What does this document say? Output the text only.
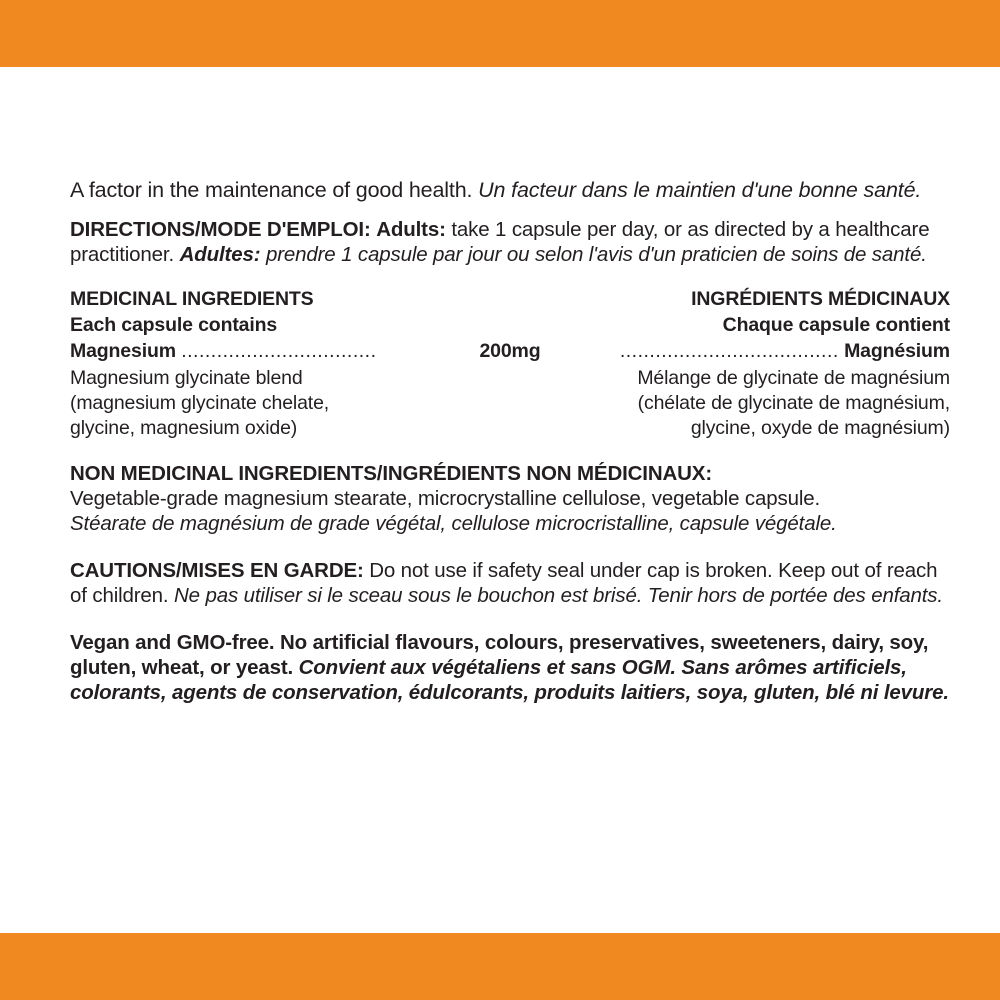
A factor in the maintenance of good health. Un facteur dans le maintien d'une bonne santé.

DIRECTIONS/MODE D'EMPLOI: Adults: take 1 capsule per day, or as directed by a healthcare practitioner. Adultes: prendre 1 capsule par jour ou selon l'avis d'un praticien de soins de santé.

MEDICINAL INGREDIENTS	INGRÉDIENTS MÉDICINAUX
Each capsule contains	Chaque capsule contient
Magnesium .................................	200mg	..................................... Magnésium
Magnesium glycinate blend	Mélange de glycinate de magnésium
(magnesium glycinate chelate,	(chélate de glycinate de magnésium,
glycine, magnesium oxide)	glycine, oxyde de magnésium)

NON MEDICINAL INGREDIENTS/INGRÉDIENTS NON MÉDICINAUX:

Vegetable-grade magnesium stearate, microcrystalline cellulose, vegetable capsule.

Stéarate de magnésium de grade végétal, cellulose microcristalline, capsule végétale.

CAUTIONS/MISES EN GARDE: Do not use if safety seal under cap is broken. Keep out of reach of children. Ne pas utiliser si le sceau sous le bouchon est brisé. Tenir hors de portée des enfants.

Vegan and GMO-free. No artificial flavours, colours, preservatives, sweeteners, dairy, soy, gluten, wheat, or yeast. Convient aux végétaliens et sans OGM. Sans arômes artificiels, colorants, agents de conservation, édulcorants, produits laitiers, soya, gluten, blé ni levure.
